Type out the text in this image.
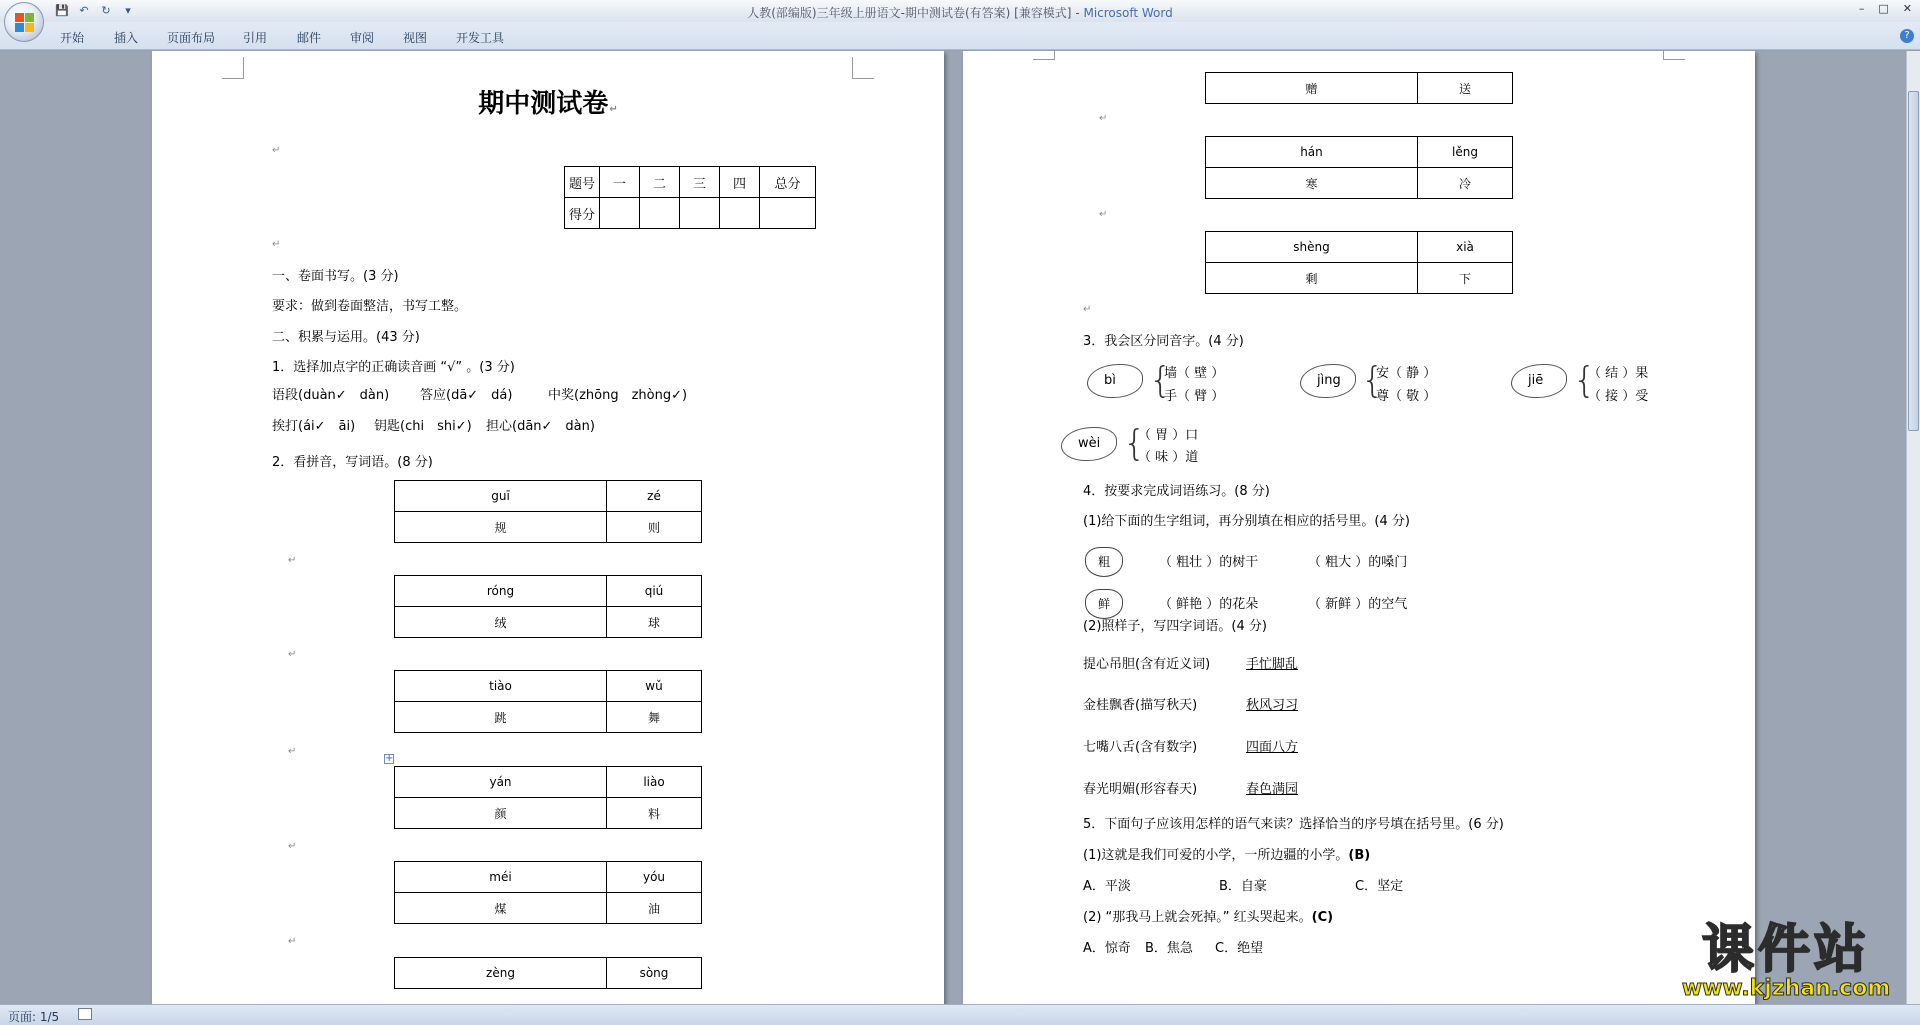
💾 ↶	↻	▾	人教(部编版)三年级上册语文-期中测试卷(有答案) [兼容模式] - Microsoft Word	– □ ✕
开始 插入 页面布局 引用 邮件 审阅 视图 开发工具	?
期中测试卷↵
↵
题号	一	二	三	四	总分
得分					
↵
一、卷面书写。(3 分)
要求：做到卷面整洁，书写工整。
二、积累与运用。(43 分)
1．选择加点字的正确读音画 “√” 。(3 分)
语段(duàn✓　dàn) 答应(dā✓　dá)	中奖(zhōng　zhòng✓)
挨打(ái✓　āi) 钥匙(chi　shi✓) 担心(dān✓　dàn)
2．看拼音，写词语。(8 分)
guī	zé
规	则
↵
róng	qiú
绒	球
↵
tiào	wǔ
跳	舞
↵
+
yán	liào
颜	料
↵
méi	yóu
煤	油
↵
zèng	sòng
赠	送
↵
hán	lěng
寒	冷
↵
shèng	xià
剩	下
↵
3．我会区分同音字。(4 分)
bì {
墙（ 壁 ）
手（ 臂 ）
jìng {
安（ 静 ）
尊（ 敬 ）
jiē {
（ 结 ）果
（ 接 ）受
wèi {
（ 胃 ）口
（ 味 ）道
4．按要求完成词语练习。(8 分)
(1)给下面的生字组词，再分别填在相应的括号里。(4 分)
粗	（ 粗壮 ）的树干	（ 粗大 ）的嗓门
鲜	（ 鲜艳 ）的花朵	（ 新鲜 ）的空气
(2)照样子，写四字词语。(4 分)
提心吊胆(含有近义词)	手忙脚乱
金桂飘香(描写秋天)	秋风习习
七嘴八舌(含有数字)	四面八方
春光明媚(形容春天)	春色满园
5．下面句子应该用怎样的语气来读？选择恰当的序号填在括号里。(6 分)
(1)这就是我们可爱的小学，一所边疆的小学。(B)
A．平淡	B．自豪	C．坚定
(2) “那我马上就会死掉。” 红头哭起来。(C)
A．惊奇 B．焦急 C．绝望	课件站
www.kjzhan.com
页面: 1/5
